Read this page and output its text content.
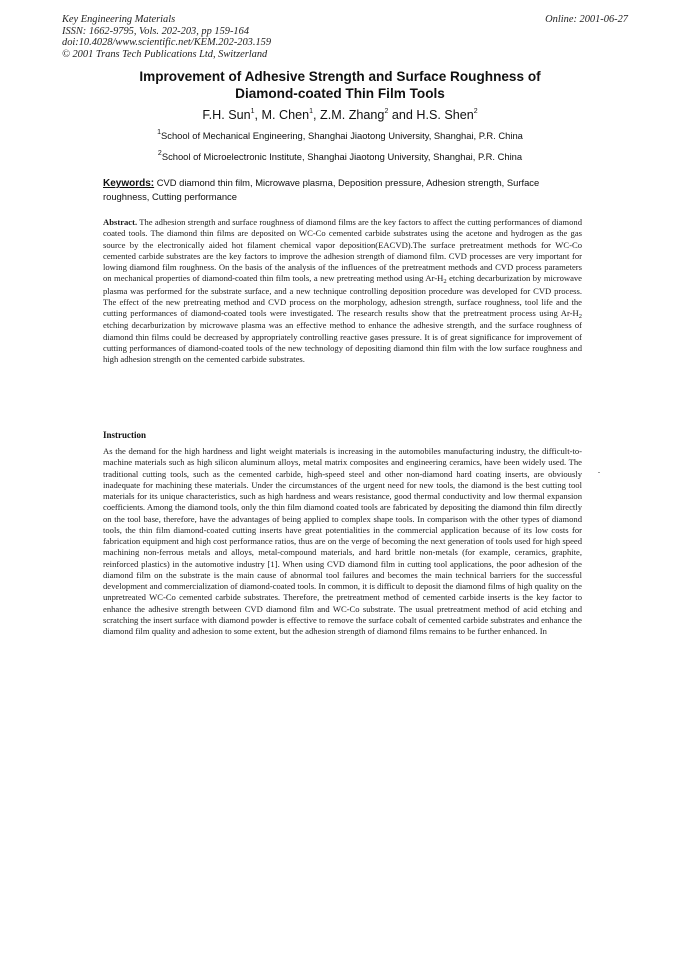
Key Engineering Materials
ISSN: 1662-9795, Vols. 202-203, pp 159-164
doi:10.4028/www.scientific.net/KEM.202-203.159
© 2001 Trans Tech Publications Ltd, Switzerland
Online: 2001-06-27
Improvement of Adhesive Strength and Surface Roughness of
Diamond-coated Thin Film Tools
F.H. Sun$^1$, M. Chen$^1$, Z.M. Zhang$^2$ and H.S. Shen$^2$
$^1$School of Mechanical Engineering, Shanghai Jiaotong University, Shanghai, P.R. China
$^2$School of Microelectronic Institute, Shanghai Jiaotong University, Shanghai, P.R. China
Keywords: CVD diamond thin film, Microwave plasma, Deposition pressure, Adhesion strength, Surface roughness, Cutting performance
Abstract. The adhesion strength and surface roughness of diamond films are the key factors to affect the cutting performances of diamond coated tools. The diamond thin films are deposited on WC-Co cemented carbide substrates using the acetone and hydrogen as the gas source by the electronically aided hot filament chemical vapor deposition(EACVD).The surface pretreatment methods for WC-Co cemented carbide substrates are the key factors to improve the adhesion strength of diamond film. CVD processes are very important for lowing diamond film roughness. On the basis of the analysis of the influences of the pretreatment methods and CVD process parameters on mechanical properties of diamond-coated thin film tools, a new pretreating method using $Ar-H_2$ etching decarburization by microwave plasma was performed for the substrate surface, and a new technique controlling deposition procedure was developed for CVD process. The effect of the new pretreating method and CVD process on the morphology, adhesion strength, surface roughness, tool life and the cutting performances of diamond-coated tools were investigated. The research results show that the pretreatment process using $Ar-H_2$ etching decarburization by microwave plasma was an effective method to enhance the adhesive strength, and the surface roughness of diamond thin films could be decreased by appropriately controlling reactive gases pressure. It is of great significance for improvement of cutting performances of diamond-coated tools of the new technology of depositing diamond thin film with the low surface roughness and high adhesion strength on the cemented carbide substrates.
Instruction
As the demand for the high hardness and light weight materials is increasing in the automobiles manufacturing industry, the difficult-to-machine materials such as high silicon aluminum alloys, metal matrix composites and engineering ceramics, have been widely used. The traditional cutting tools, such as the cemented carbide, high-speed steel and other non-diamond hard coating inserts, are obviously inadequate for machining these materials. Under the circumstances of the urgent need for new tools, the diamond is the best cutting tool materials for its unique characteristics, such as high hardness and wears resistance, good thermal conductivity and low thermal expansion coefficients. Among the diamond tools, only the thin film diamond coated tools are fabricated by depositing the diamond thin film directly on the tool base, therefore, have the advantages of being applied to complex shape tools. In comparison with the other types of diamond tools, the thin film diamond-coated cutting inserts have great potentialities in the commercial application because of its low costs for fabrication equipment and high cost performance ratios, thus are on the verge of becoming the next generation of tools used for high speed machining non-ferrous metals and alloys, metal-compound materials, and hard brittle non-metals (for example, ceramics, graphite, reinforced plastics) in the automotive industry [1]. When using CVD diamond film in cutting tool applications, the poor adhesion of the diamond film on the substrate is the main cause of abnormal tool failures and becomes the main technical barriers for the successful development and commercialization of diamond-coated tools. In common, it is difficult to deposit the diamond films of high quality on the unpretreated WC-Co cemented carbide substrates. Therefore, the pretreatment method of cemented carbide inserts is the key factor to enhance the adhesive strength between CVD diamond film and WC-Co substrate. The usual pretreatment method of acid etching and scratching the insert surface with diamond powder is effective to remove the surface cobalt of cemented carbide substrates and enhance the diamond film quality and adhesion to some extent, but the adhesion strength of diamond films remains to be further enhanced. In
